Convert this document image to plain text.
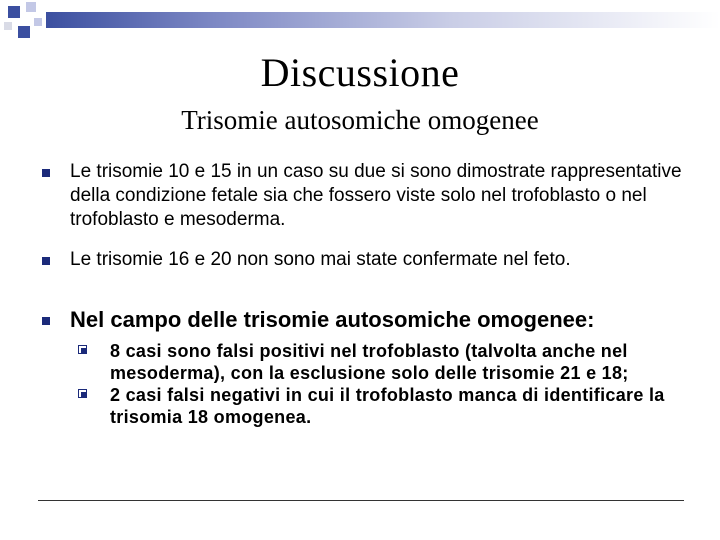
Discussione
Trisomie autosomiche omogenee
Le trisomie 10 e 15 in un caso su due si sono dimostrate rappresentative della condizione fetale sia che fossero viste solo nel trofoblasto o nel trofoblasto e mesoderma.
Le trisomie 16 e 20 non sono mai state confermate nel feto.
Nel campo delle trisomie autosomiche omogenee:
8 casi sono falsi positivi nel trofoblasto (talvolta anche nel mesoderma), con la esclusione solo delle trisomie 21 e 18;
2 casi falsi negativi in cui il trofoblasto manca di identificare la trisomia 18 omogenea.
